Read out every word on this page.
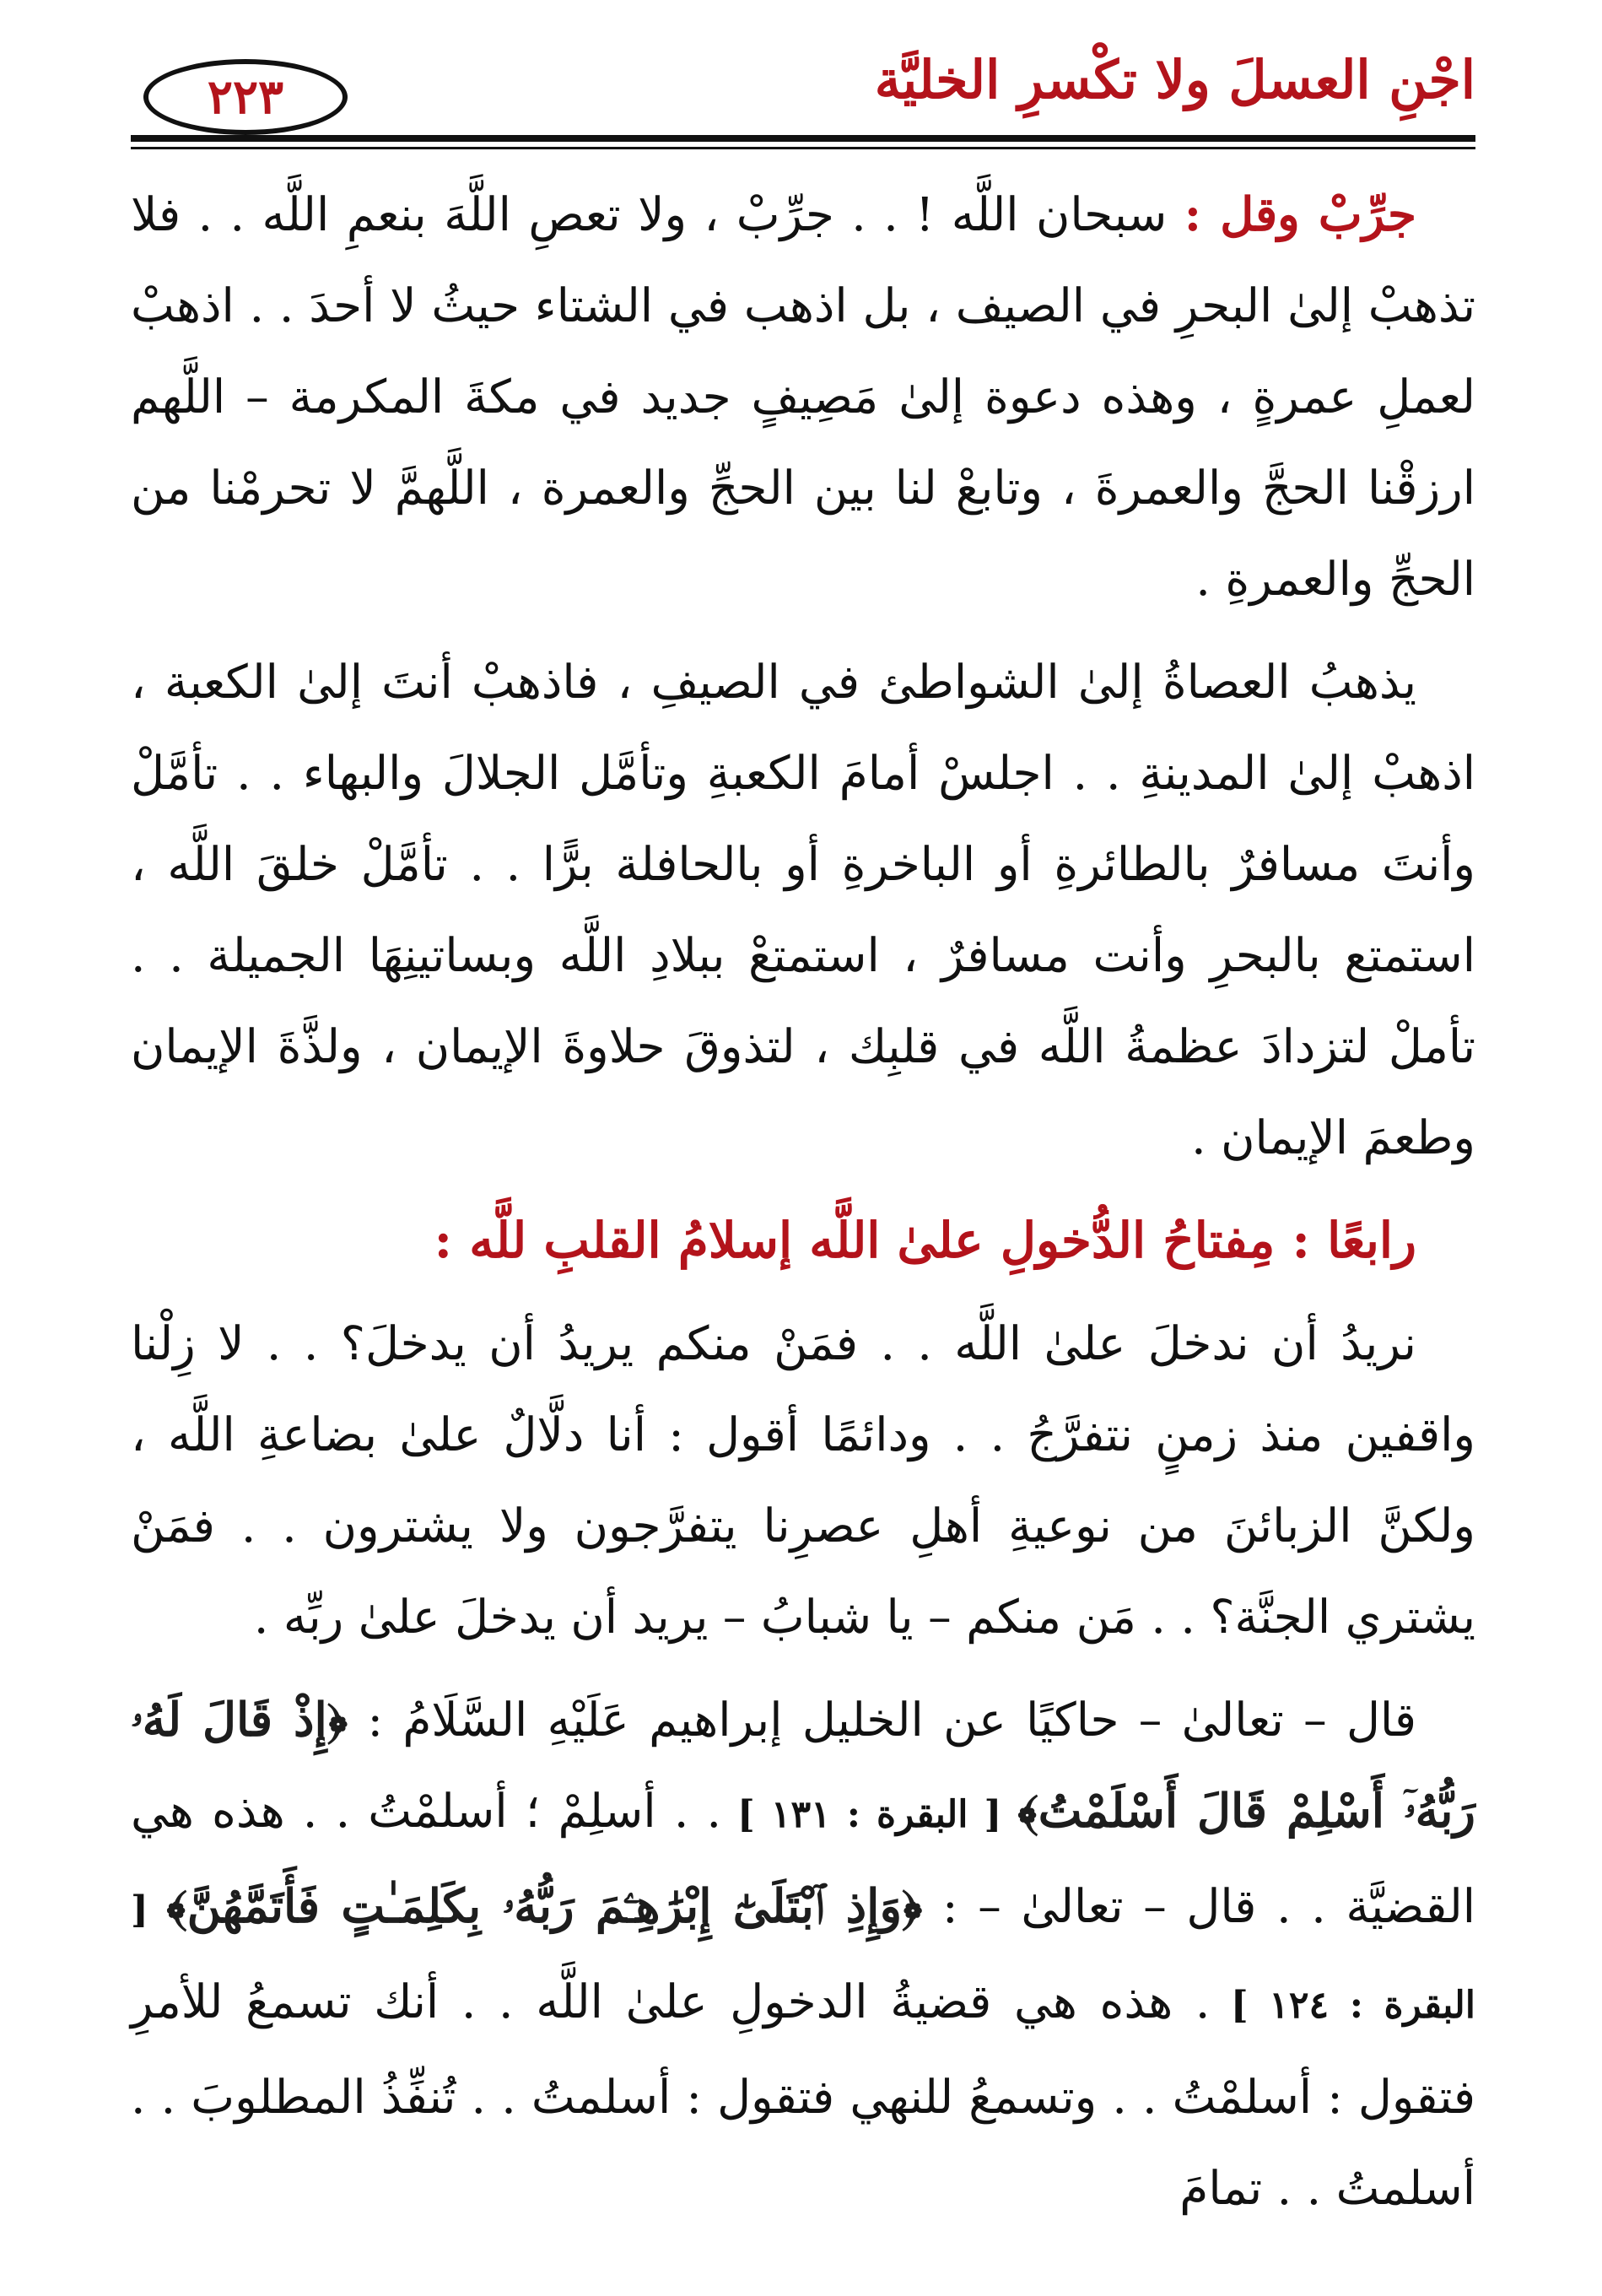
اجْنِ العسلَ ولا تكْسرِ الخليَّة
٢٢٣

جرِّبْ وقل : سبحان اللَّه ! . . جرِّبْ ، ولا تعصِ اللَّهَ بنعمِ اللَّه . . فلا تذهبْ إلىٰ البحرِ في الصيف ، بل اذهب في الشتاء حيثُ لا أحدَ . . اذهبْ لعملِ عمرةٍ ، وهذه دعوة إلىٰ مَصِيفٍ جديد في مكةَ المكرمة – اللَّهم ارزقْنا الحجَّ والعمرةَ ، وتابعْ لنا بين الحجِّ والعمرة ، اللَّهمَّ لا تحرمْنا من الحجِّ والعمرةِ .

يذهبُ العصاةُ إلىٰ الشواطئ في الصيفِ ، فاذهبْ أنتَ إلىٰ الكعبة ، اذهبْ إلىٰ المدينةِ . . اجلسْ أمامَ الكعبةِ وتأمَّل الجلالَ والبهاء . . تأمَّلْ وأنتَ مسافرٌ بالطائرةِ أو الباخرةِ أو بالحافلة برًّا . . تأمَّلْ خلقَ اللَّه ، استمتع بالبحرِ وأنت مسافرٌ ، استمتعْ ببلادِ اللَّه وبساتينِهَا الجميلة . . تأملْ لتزدادَ عظمةُ اللَّه في قلبِك ، لتذوقَ حلاوةَ الإيمان ، ولذَّةَ الإيمان وطعمَ الإيمان .

رابعًا : مِفتاحُ الدُّخولِ علىٰ اللَّه إسلامُ القلبِ للَّه :

نريدُ أن ندخلَ علىٰ اللَّه . . فمَنْ منكم يريدُ أن يدخلَ؟ . . لا زِلْنا واقفين منذ زمنٍ نتفرَّجُ . . ودائمًا أقول : أنا دلَّالٌ علىٰ بضاعةِ اللَّه ، ولكنَّ الزبائنَ من نوعيةِ أهلِ عصرِنا يتفرَّجون ولا يشترون . . فمَنْ يشتري الجنَّة؟ . . مَن منكم – يا شبابُ – يريد أن يدخلَ علىٰ ربِّه .

قال – تعالىٰ – حاكيًا عن الخليل إبراهيم عَلَيْهِ السَّلَامُ : ﴿إِذْ قَالَ لَهُۥ رَبُّهُۥٓ أَسْلِمْ قَالَ أَسْلَمْتُ﴾ [ البقرة : ١٣١ ] . . أسلِمْ ؛ أسلمْتُ . . هذه هي القضيَّة . . قال – تعالىٰ – : ﴿وَإِذِ ٱبْتَلَىٰٓ إِبْرَٰهِـۧمَ رَبُّهُۥ بِكَلِمَـٰتٍ فَأَتَمَّهُنَّ﴾ [ البقرة : ١٢٤ ] . هذه هي قضيةُ الدخولِ علىٰ اللَّه . . أنك تسمعُ للأمرِ فتقول : أسلمْتُ . . وتسمعُ للنهي فتقول : أسلمتُ . . تُنفِّذُ المطلوبَ . . أسلمتُ . . تمامَ
